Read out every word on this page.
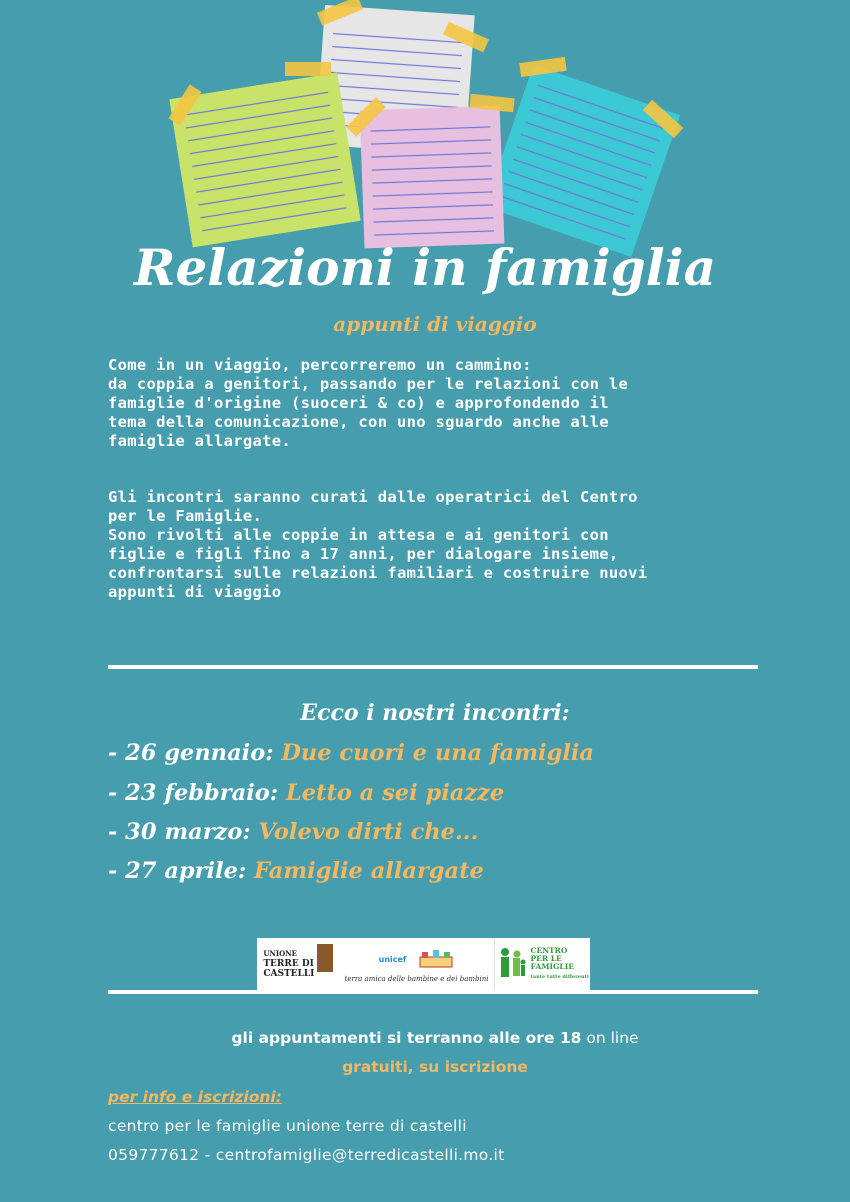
Relazioni in famiglia
appunti di viaggio
Come in un viaggio, percorreremo un cammino:
da coppia a genitori, passando per le relazioni con le
famiglie d'origine (suoceri & co) e approfondendo il
tema della comunicazione, con uno sguardo anche alle
famiglie allargate.
Gli incontri saranno curati dalle operatrici del Centro
per le Famiglie.
Sono rivolti alle coppie in attesa e ai genitori con
figlie e figli fino a 17 anni, per dialogare insieme,
confrontarsi sulle relazioni familiari e costruire nuovi
appunti di viaggio
Ecco i nostri incontri:
- 26 gennaio: Due cuori e una famiglia
- 23 febbraio: Letto a sei piazze
- 30 marzo: Volevo dirti che...
- 27 aprile: Famiglie allargate
UNIONE
TERRE DI
CASTELLI
unicef
terra amica delle bambine e dei bambini
CENTRO
PER LE
FAMIGLIE
tante tutte differenti
gli appuntamenti si terranno alle ore 18 on line
gratuiti, su iscrizione
per info e iscrizioni:
centro per le famiglie unione terre di castelli
059777612 - centrofamiglie@terredicastelli.mo.it
